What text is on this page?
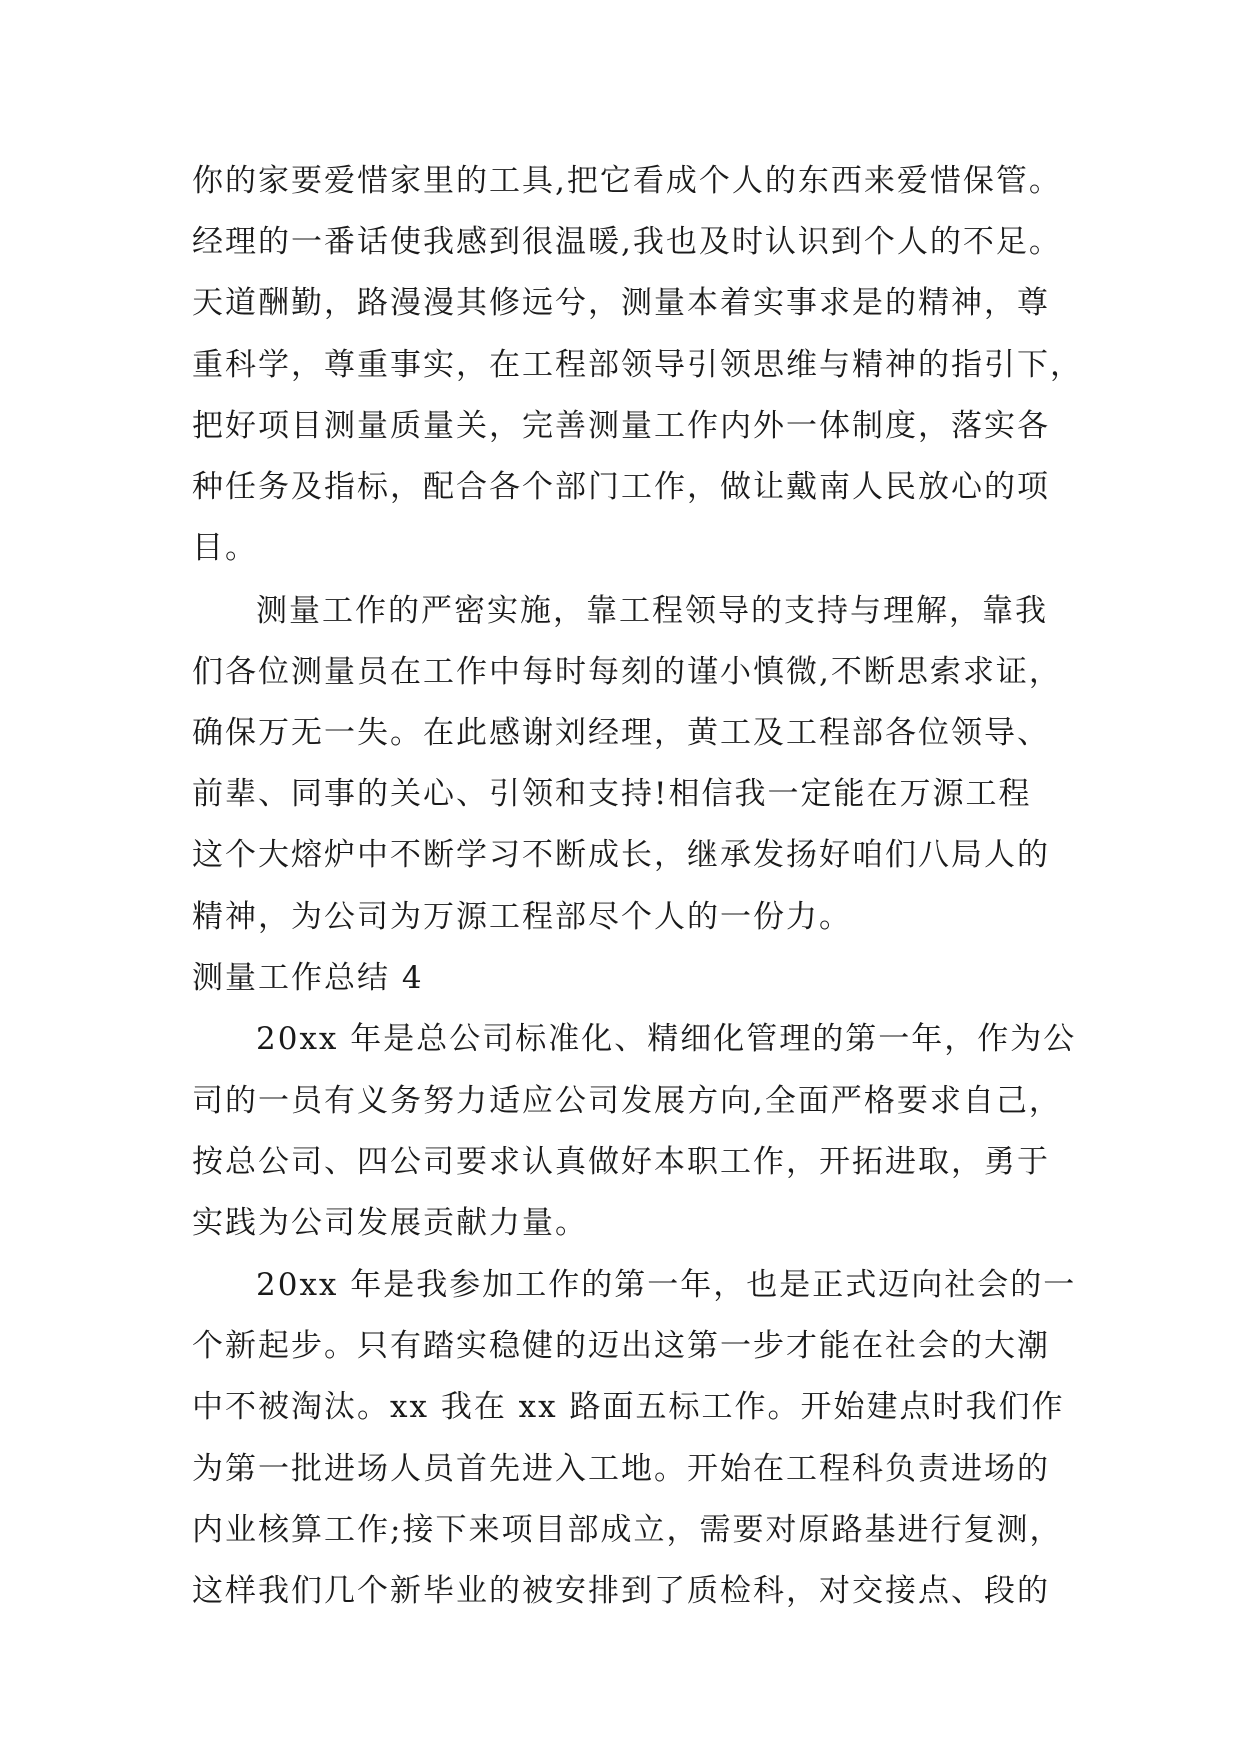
你的家要爱惜家里的工具,把它看成个人的东西来爱惜保管。
经理的一番话使我感到很温暖,我也及时认识到个人的不足。
天道酬勤，路漫漫其修远兮，测量本着实事求是的精神，尊
重科学，尊重事实，在工程部领导引领思维与精神的指引下，
把好项目测量质量关，完善测量工作内外一体制度，落实各
种任务及指标，配合各个部门工作，做让戴南人民放心的项
目。
测量工作的严密实施，靠工程领导的支持与理解，靠我
们各位测量员在工作中每时每刻的谨小慎微,不断思索求证，
确保万无一失。在此感谢刘经理，黄工及工程部各位领导、
前辈、同事的关心、引领和支持!相信我一定能在万源工程
这个大熔炉中不断学习不断成长，继承发扬好咱们八局人的
精神，为公司为万源工程部尽个人的一份力。
测量工作总结 4
20xx 年是总公司标准化、精细化管理的第一年，作为公
司的一员有义务努力适应公司发展方向,全面严格要求自己，
按总公司、四公司要求认真做好本职工作，开拓进取，勇于
实践为公司发展贡献力量。
20xx 年是我参加工作的第一年，也是正式迈向社会的一
个新起步。只有踏实稳健的迈出这第一步才能在社会的大潮
中不被淘汰。xx 我在 xx 路面五标工作。开始建点时我们作
为第一批进场人员首先进入工地。开始在工程科负责进场的
内业核算工作;接下来项目部成立，需要对原路基进行复测，
这样我们几个新毕业的被安排到了质检科，对交接点、段的
